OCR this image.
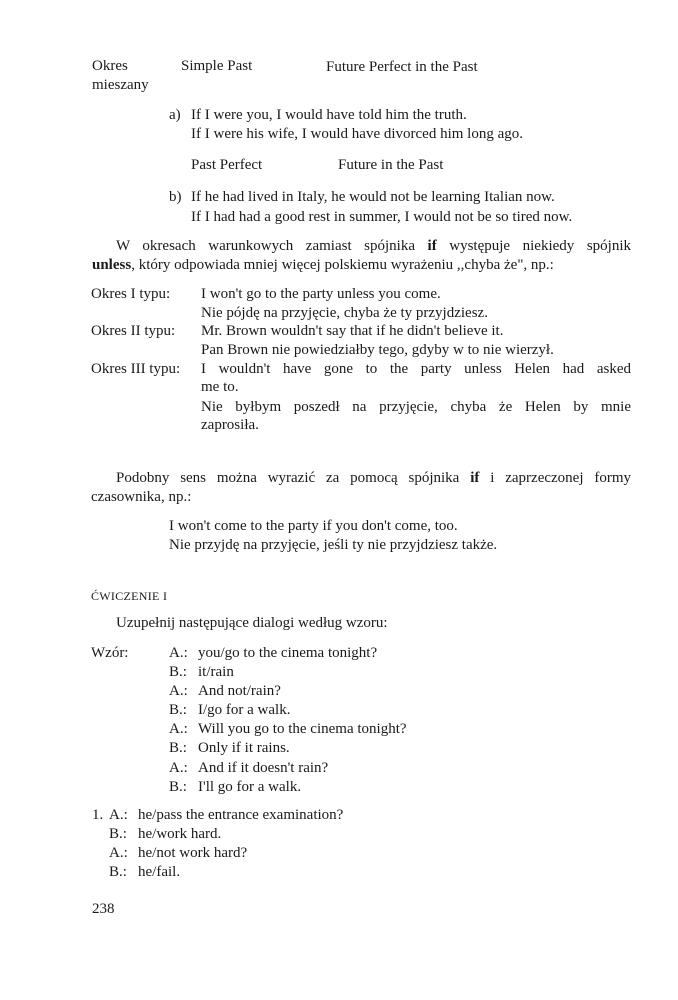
Okres
mieszany
Simple Past	Future Perfect in the Past
a) If I were you, I would have told him the truth.
If I were his wife, I would have divorced him long ago.
Past Perfect	Future in the Past
b) If he had lived in Italy, he would not be learning Italian now.
If I had had a good rest in summer, I would not be so tired now.
W okresach warunkowych zamiast spójnika if występuje niekiedy spójnik
unless, który odpowiada mniej więcej polskiemu wyrażeniu ,,chyba że", np.:
Okres I typu: I won't go to the party unless you come.
Nie pójdę na przyjęcie, chyba że ty przyjdziesz.
Okres II typu: Mr. Brown wouldn't say that if he didn't believe it.
Pan Brown nie powiedziałby tego, gdyby w to nie wierzył.
Okres III typu: I wouldn't have gone to the party unless Helen had asked
me to.
Nie byłbym poszedł na przyjęcie, chyba że Helen by mnie
zaprosiła.
Podobny sens można wyrazić za pomocą spójnika if i zaprzeczonej formy
czasownika, np.:
I won't come to the party if you don't come, too.
Nie przyjdę na przyjęcie, jeśli ty nie przyjdziesz także.
ĆWICZENIE I
Uzupełnij następujące dialogi według wzoru:
Wzór:	A.: you/go to the cinema tonight?
B.: it/rain
A.: And not/rain?
B.: I/go for a walk.
A.: Will you go to the cinema tonight?
B.: Only if it rains.
A.: And if it doesn't rain?
B.: I'll go for a walk.
1. A.: he/pass the entrance examination?
B.: he/work hard.
A.: he/not work hard?
B.: he/fail.
238
